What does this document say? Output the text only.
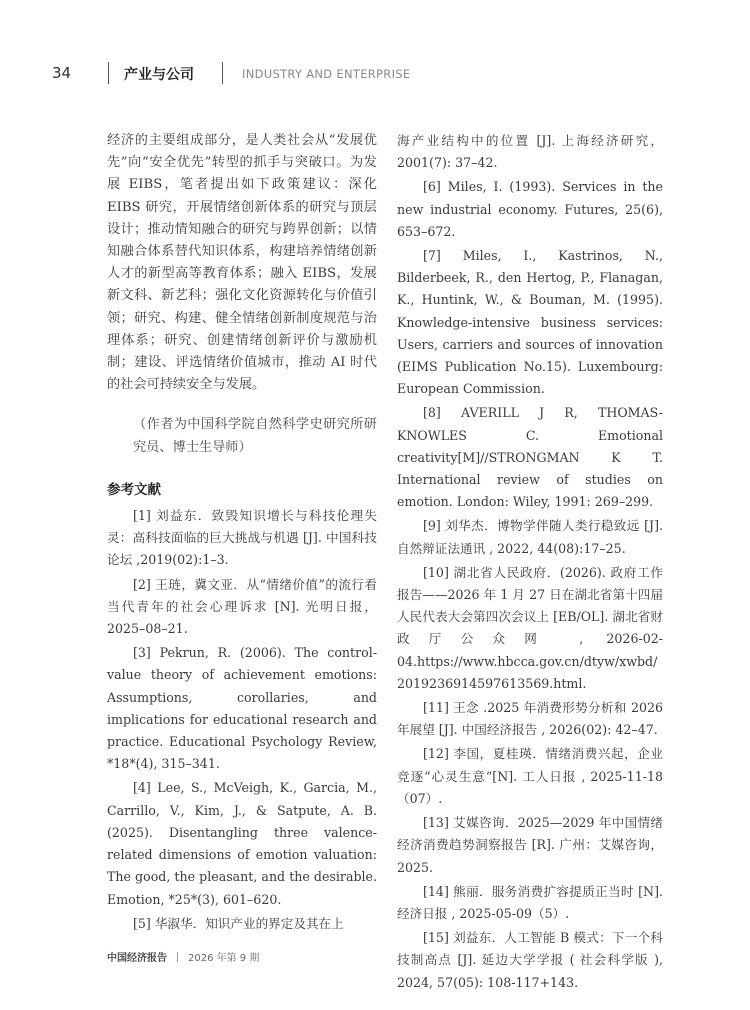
34	产业与公司	INDUSTRY AND ENTERPRISE

经济的主要组成部分，是人类社会从“发展优先”向“安全优先”转型的抓手与突破口。为发展 EIBS，笔者提出如下政策建议：深化 EIBS 研究，开展情绪创新体系的研究与顶层设计；推动情知融合的研究与跨界创新；以情知融合体系替代知识体系，构建培养情绪创新人才的新型高等教育体系；融入 EIBS，发展新文科、新艺科；强化文化资源转化与价值引领；研究、构建、健全情绪创新制度规范与治理体系；研究、创建情绪创新评价与激励机制；建设、评选情绪价值城市，推动 AI 时代的社会可持续安全与发展。

（作者为中国科学院自然科学史研究所研究员、博士生导师）

参考文献

[1] 刘益东．致毁知识增长与科技伦理失灵：高科技面临的巨大挑战与机遇 [J]. 中国科技论坛 ,2019(02):1–3.

[2] 王琏，冀文亚．从“情绪价值”的流行看当代青年的社会心理诉求 [N]. 光明日报，2025–08–21.

[3] Pekrun, R. (2006). The control-value theory of achievement emotions: Assumptions, corollaries, and implications for educational research and practice. Educational Psychology Review, *18*(4), 315–341.

[4] Lee, S., McVeigh, K., Garcia, M., Carrillo, V., Kim, J., & Satpute, A. B. (2025). Disentangling three valence-related dimensions of emotion valuation: The good, the pleasant, and the desirable. Emotion, *25*(3), 601–620.

[5] 华淑华．知识产业的界定及其在上

海产业结构中的位置 [J]. 上海经济研究，2001(7): 37–42.

[6] Miles, I. (1993). Services in the new industrial economy. Futures, 25(6), 653–672.

[7] Miles, I., Kastrinos, N., Bilderbeek, R., den Hertog, P., Flanagan, K., Huntink, W., & Bouman, M. (1995). Knowledge-intensive business services: Users, carriers and sources of innovation (EIMS Publication No.15). Luxembourg: European Commission.

[8] AVERILL J R, THOMAS-KNOWLES C. Emotional creativity[M]//STRONGMAN K T. International review of studies on emotion. London: Wiley, 1991: 269–299.

[9] 刘华杰．博物学伴随人类行稳致远 [J]. 自然辩证法通讯 , 2022, 44(08):17–25.

[10] 湖北省人民政府．(2026). 政府工作报告——2026 年 1 月 27 日在湖北省第十四届人民代表大会第四次会议上 [EB/OL]. 湖北省财政厅公众网 , 2026-02-04.https://www.hbcca.gov.cn/dtyw/xwbd/2019236914597613569.html.

[11] 王念 .2025 年消费形势分析和 2026 年展望 [J]. 中国经济报告 , 2026(02): 42–47.

[12] 李国，夏桂瑛．情绪消费兴起，企业竞逐“心灵生意”[N]. 工人日报 , 2025-11-18（07）.

[13] 艾媒咨询．2025—2029 年中国情绪经济消费趋势洞察报告 [R]. 广州：艾媒咨询，2025.

[14] 熊丽．服务消费扩容提质正当时 [N]. 经济日报 , 2025-05-09（5）.

[15] 刘益东．人工智能 B 模式：下一个科技制高点 [J]. 延边大学学报 ( 社会科学版 ), 2024, 57(05): 108-117+143.

中国经济报告 2026 年第 9 期
